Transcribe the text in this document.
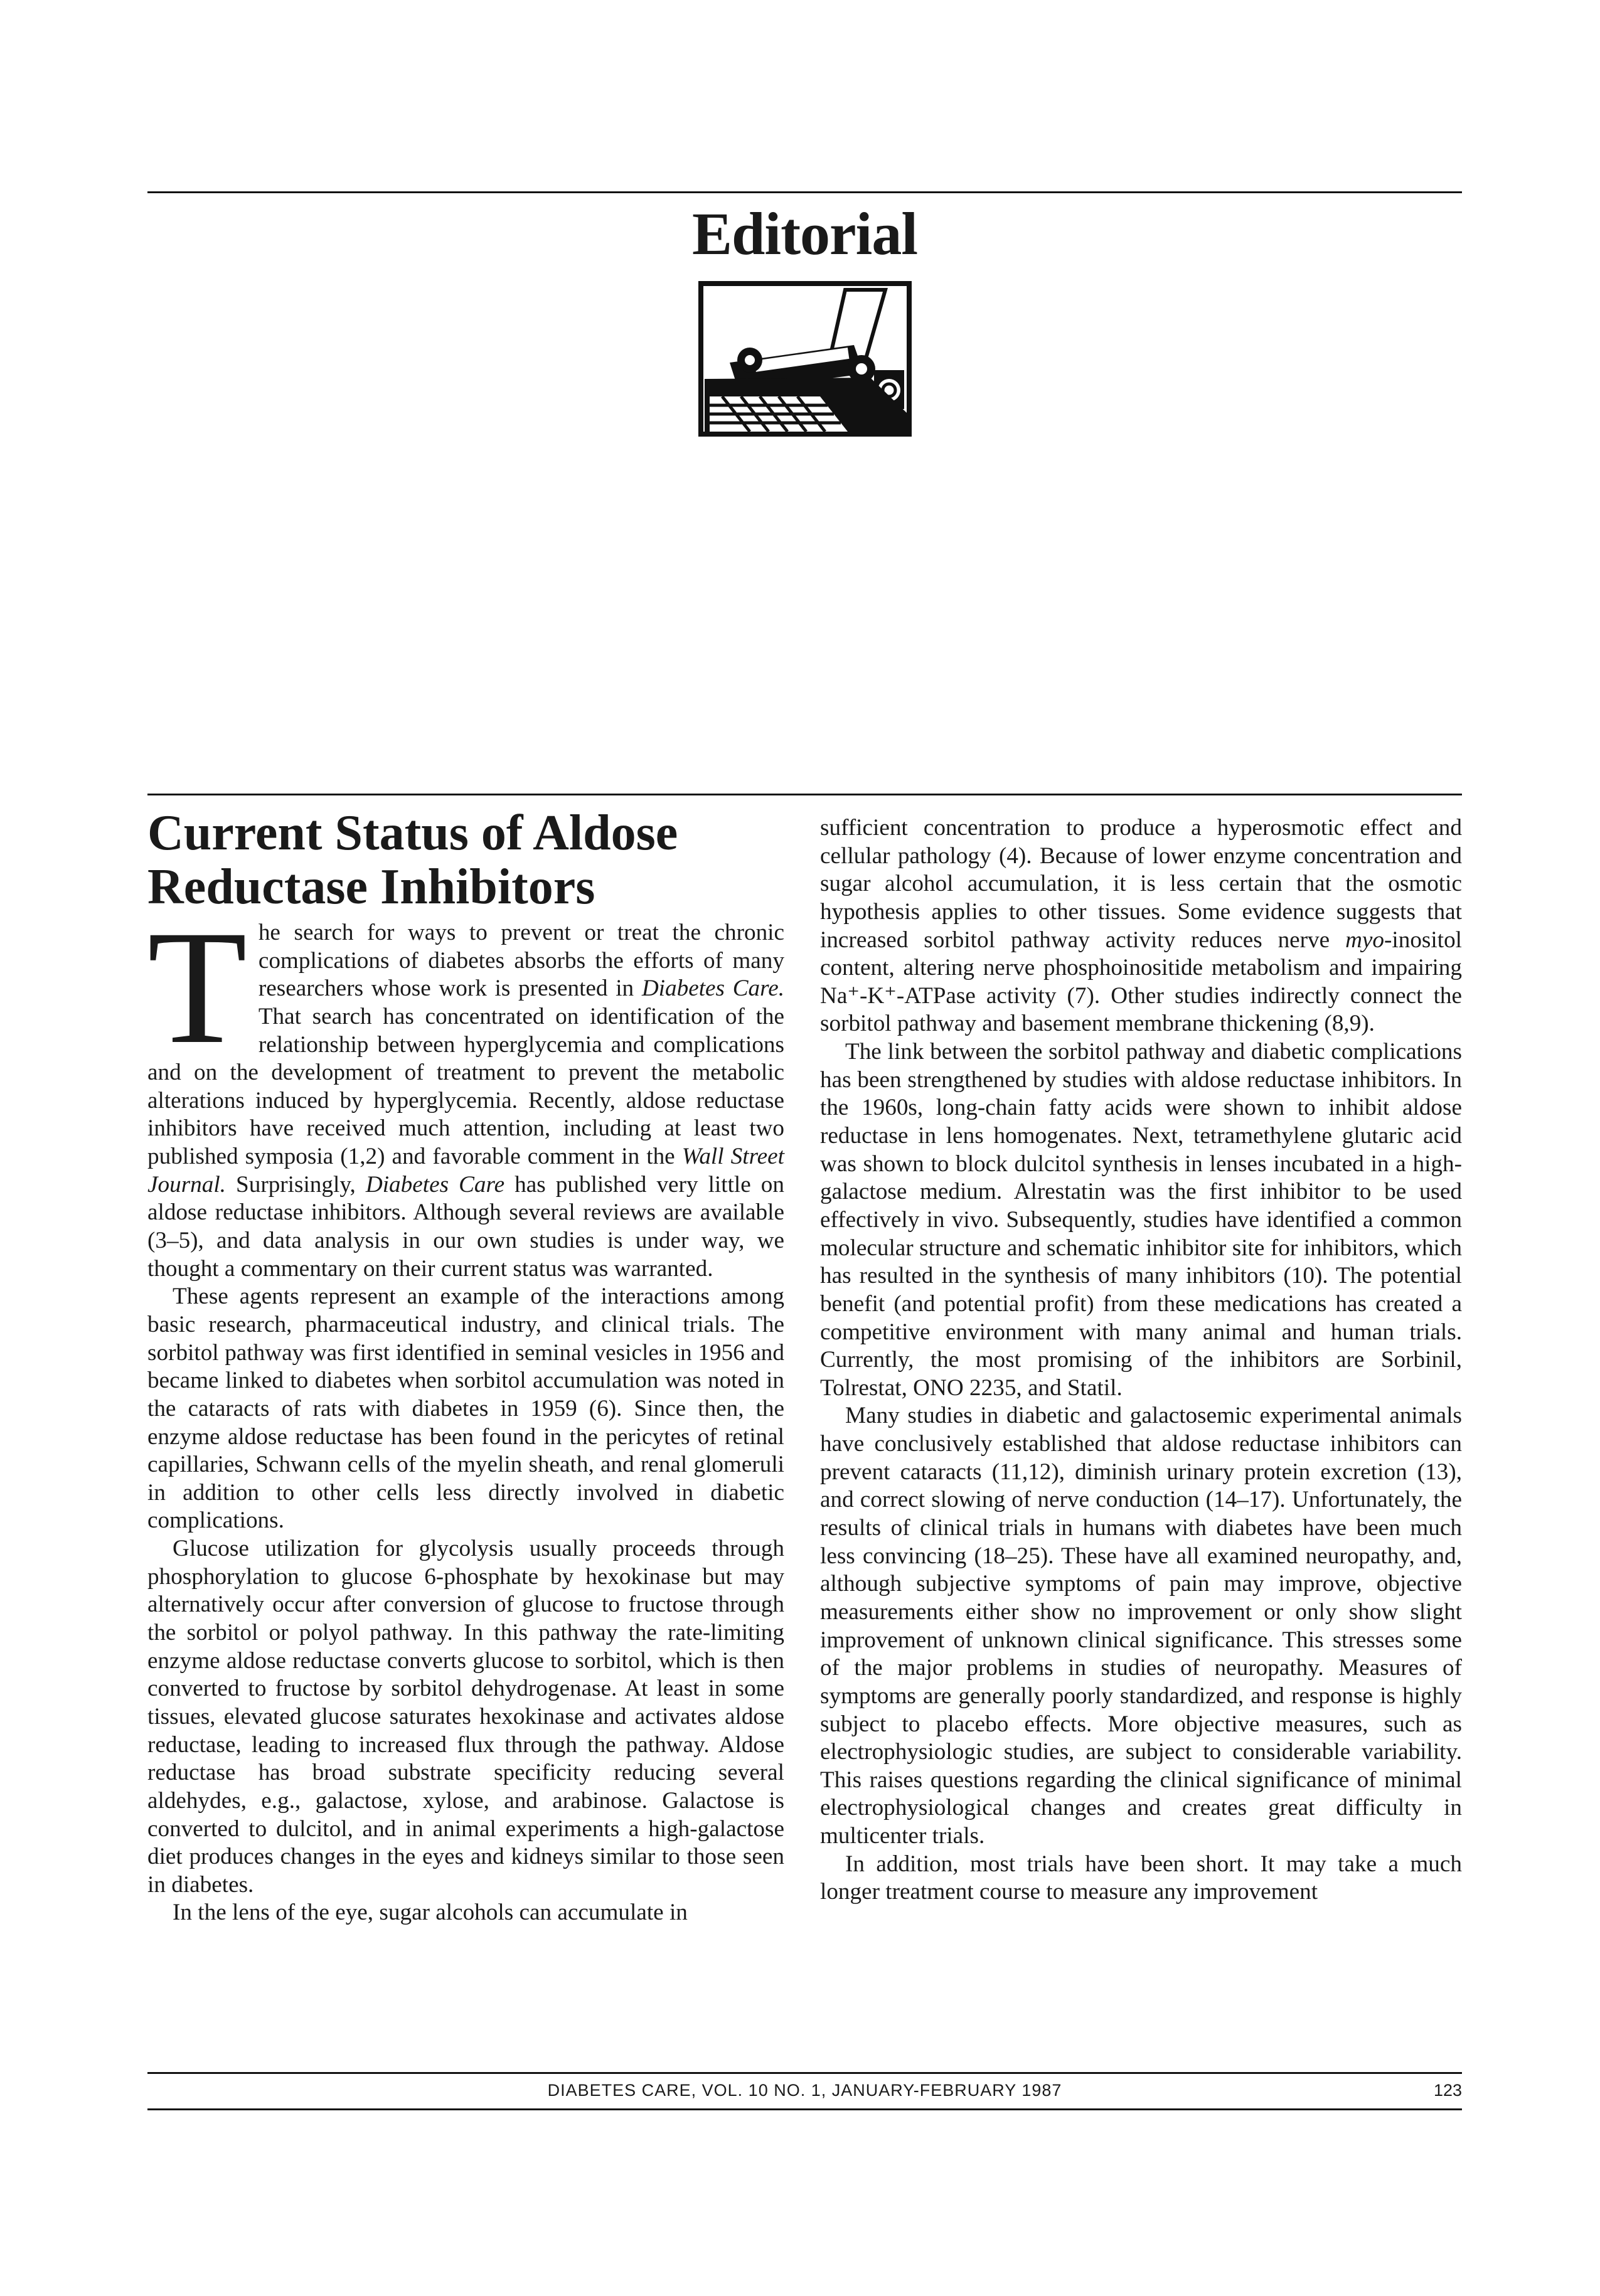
Editorial
Current Status of Aldose
Reductase Inhibitors

The search for ways to prevent or treat the chronic complications of diabetes absorbs the efforts of many researchers whose work is presented in Diabetes Care. That search has concentrated on identification of the relationship between hyperglycemia and complications and on the development of treatment to prevent the metabolic alterations induced by hyperglycemia. Recently, aldose reductase inhibitors have received much attention, including at least two published symposia (1,2) and favorable comment in the Wall Street Journal. Surprisingly, Diabetes Care has published very little on aldose reductase inhibitors. Although several reviews are available (3–5), and data analysis in our own studies is under way, we thought a commentary on their current status was warranted.

These agents represent an example of the interactions among basic research, pharmaceutical industry, and clinical trials. The sorbitol pathway was first identified in seminal vesicles in 1956 and became linked to diabetes when sorbitol accumulation was noted in the cataracts of rats with diabetes in 1959 (6). Since then, the enzyme aldose reductase has been found in the pericytes of retinal capillaries, Schwann cells of the myelin sheath, and renal glomeruli in addition to other cells less directly involved in diabetic complications.

Glucose utilization for glycolysis usually proceeds through phosphorylation to glucose 6-phosphate by hexokinase but may alternatively occur after conversion of glucose to fructose through the sorbitol or polyol pathway. In this pathway the rate-limiting enzyme aldose reductase converts glucose to sorbitol, which is then converted to fructose by sorbitol dehydrogenase. At least in some tissues, elevated glucose saturates hexokinase and activates aldose reductase, leading to increased flux through the pathway. Aldose reductase has broad substrate specificity reducing several aldehydes, e.g., galactose, xylose, and arabinose. Galactose is converted to dulcitol, and in animal experiments a high-galactose diet produces changes in the eyes and kidneys similar to those seen in diabetes.

In the lens of the eye, sugar alcohols can accumulate in

sufficient concentration to produce a hyperosmotic effect and cellular pathology (4). Because of lower enzyme concentration and sugar alcohol accumulation, it is less certain that the osmotic hypothesis applies to other tissues. Some evidence suggests that increased sorbitol pathway activity reduces nerve myo-inositol content, altering nerve phosphoinositide metabolism and impairing Na⁺-K⁺-ATPase activity (7). Other studies indirectly connect the sorbitol pathway and basement membrane thickening (8,9).

The link between the sorbitol pathway and diabetic complications has been strengthened by studies with aldose reductase inhibitors. In the 1960s, long-chain fatty acids were shown to inhibit aldose reductase in lens homogenates. Next, tetramethylene glutaric acid was shown to block dulcitol synthesis in lenses incubated in a high-galactose medium. Alrestatin was the first inhibitor to be used effectively in vivo. Subsequently, studies have identified a common molecular structure and schematic inhibitor site for inhibitors, which has resulted in the synthesis of many inhibitors (10). The potential benefit (and potential profit) from these medications has created a competitive environment with many animal and human trials. Currently, the most promising of the inhibitors are Sorbinil, Tolrestat, ONO 2235, and Statil.

Many studies in diabetic and galactosemic experimental animals have conclusively established that aldose reductase inhibitors can prevent cataracts (11,12), diminish urinary protein excretion (13), and correct slowing of nerve conduction (14–17). Unfortunately, the results of clinical trials in humans with diabetes have been much less convincing (18–25). These have all examined neuropathy, and, although subjective symptoms of pain may improve, objective measurements either show no improvement or only show slight improvement of unknown clinical significance. This stresses some of the major problems in studies of neuropathy. Measures of symptoms are generally poorly standardized, and response is highly subject to placebo effects. More objective measures, such as electrophysiologic studies, are subject to considerable variability. This raises questions regarding the clinical significance of minimal electrophysiological changes and creates great difficulty in multicenter trials.

In addition, most trials have been short. It may take a much longer treatment course to measure any improvement

DIABETES CARE, VOL. 10 NO. 1, JANUARY-FEBRUARY 1987	123
